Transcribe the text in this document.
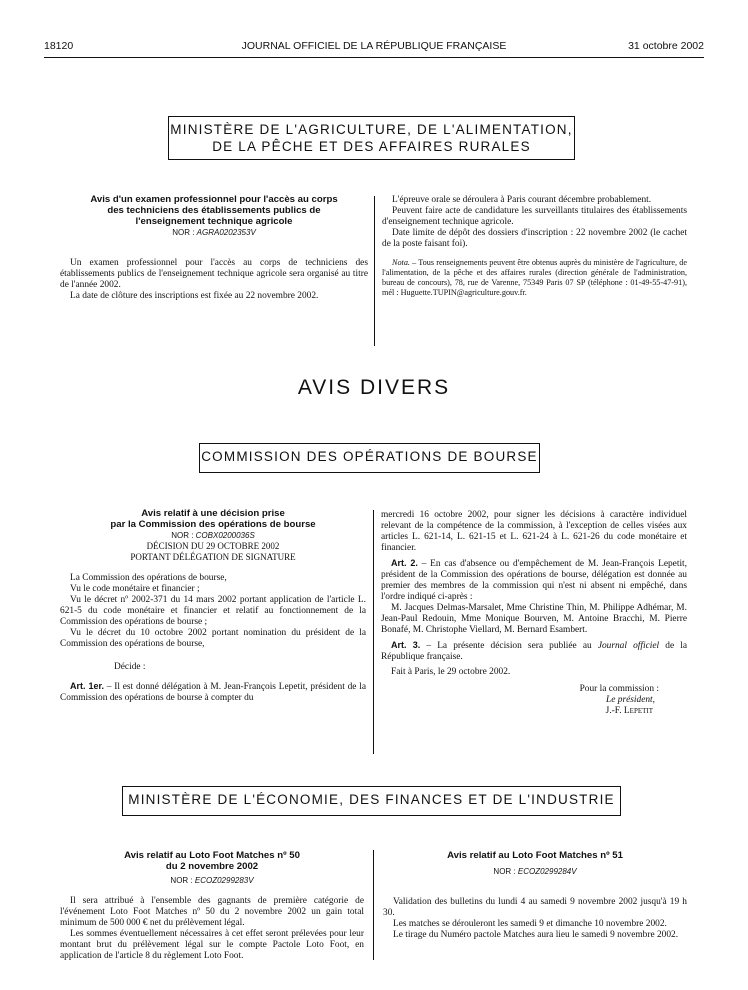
18120	JOURNAL OFFICIEL DE LA RÉPUBLIQUE FRANÇAISE	31 octobre 2002
MINISTÈRE DE L'AGRICULTURE, DE L'ALIMENTATION,
DE LA PÊCHE ET DES AFFAIRES RURALES

Avis d'un examen professionnel pour l'accès au corps

des techniciens des établissements publics de

l'enseignement technique agricole

NOR : AGRA0202353V

Un examen professionnel pour l'accès au corps de techniciens des établissements publics de l'enseignement technique agricole sera organisé au titre de l'année 2002.

La date de clôture des inscriptions est fixée au 22 novembre 2002.

L'épreuve orale se déroulera à Paris courant décembre probablement.

Peuvent faire acte de candidature les surveillants titulaires des établissements d'enseignement technique agricole.

Date limite de dépôt des dossiers d'inscription : 22 novembre 2002 (le cachet de la poste faisant foi).

Nota. – Tous renseignements peuvent être obtenus auprès du ministère de l'agriculture, de l'alimentation, de la pêche et des affaires rurales (direction générale de l'administration, bureau de concours), 78, rue de Varenne, 75349 Paris 07 SP (téléphone : 01-49-55-47-91), mél : Huguette.TUPIN@agriculture.gouv.fr.

AVIS DIVERS
COMMISSION DES OPÉRATIONS DE BOURSE

Avis relatif à une décision prise

par la Commission des opérations de bourse

NOR : COBX0200036S

DÉCISION DU 29 OCTOBRE 2002

PORTANT DÉLÉGATION DE SIGNATURE

La Commission des opérations de bourse,

Vu le code monétaire et financier ;

Vu le décret nº 2002-371 du 14 mars 2002 portant application de l'article L. 621-5 du code monétaire et financier et relatif au fonctionnement de la Commission des opérations de bourse ;

Vu le décret du 10 octobre 2002 portant nomination du président de la Commission des opérations de bourse,

Décide :

Art. 1er. – Il est donné délégation à M. Jean-François Lepetit, président de la Commission des opérations de bourse à compter du

mercredi 16 octobre 2002, pour signer les décisions à caractère individuel relevant de la compétence de la commission, à l'exception de celles visées aux articles L. 621-14, L. 621-15 et L. 621-24 à L. 621-26 du code monétaire et financier.

Art. 2. – En cas d'absence ou d'empêchement de M. Jean-François Lepetit, président de la Commission des opérations de bourse, délégation est donnée au premier des membres de la commission qui n'est ni absent ni empêché, dans l'ordre indiqué ci-après :

M. Jacques Delmas-Marsalet, Mme Christine Thin, M. Philippe Adhémar, M. Jean-Paul Redouin, Mme Monique Bourven, M. Antoine Bracchi, M. Pierre Bonafé, M. Christophe Viellard, M. Bernard Esambert.

Art. 3. – La présente décision sera publiée au Journal officiel de la République française.

Fait à Paris, le 29 octobre 2002.

Pour la commission :

Le président,

J.-F. Lepetit

MINISTÈRE DE L'ÉCONOMIE, DES FINANCES ET DE L'INDUSTRIE

Avis relatif au Loto Foot Matches nº 50

du 2 novembre 2002

NOR : ECOZ0299283V

Il sera attribué à l'ensemble des gagnants de première catégorie de l'événement Loto Foot Matches nº 50 du 2 novembre 2002 un gain total minimum de 500 000 € net du prélèvement légal.

Les sommes éventuellement nécessaires à cet effet seront prélevées pour leur montant brut du prélèvement légal sur le compte Pactole Loto Foot, en application de l'article 8 du règlement Loto Foot.

Avis relatif au Loto Foot Matches nº 51

NOR : ECOZ0299284V

Validation des bulletins du lundi 4 au samedi 9 novembre 2002 jusqu'à 19 h 30.

Les matches se dérouleront les samedi 9 et dimanche 10 novembre 2002.

Le tirage du Numéro pactole Matches aura lieu le samedi 9 novembre 2002.
